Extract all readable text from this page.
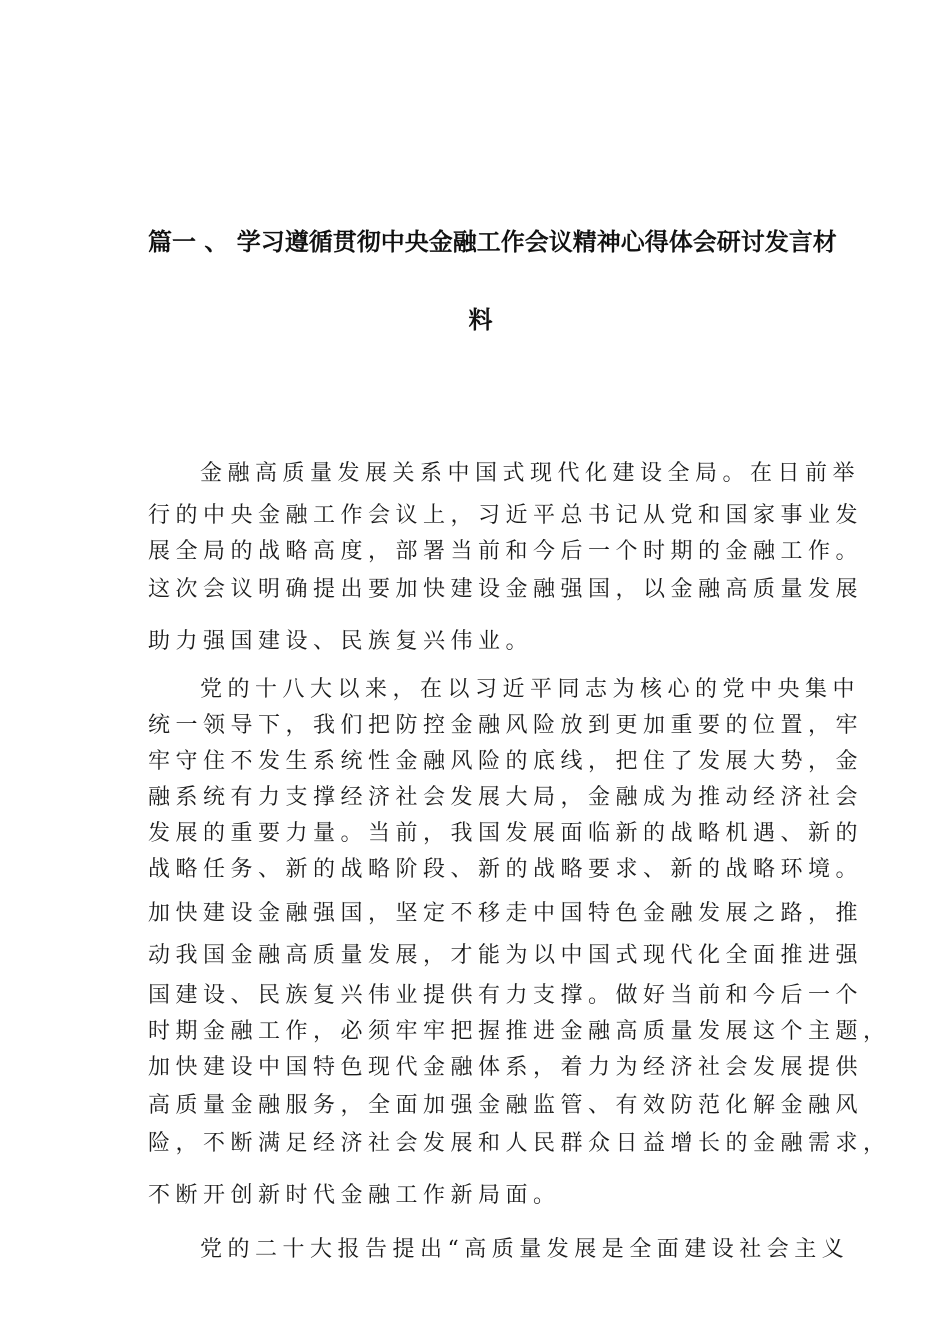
篇一 、 学习遵循贯彻中央金融工作会议精神心得体会研讨发言材
料
金融高质量发展关系中国式现代化建设全局。在日前举
行的中央金融工作会议上，习近平总书记从党和国家事业发
展全局的战略高度，部署当前和今后一个时期的金融工作。
这次会议明确提出要加快建设金融强国，以金融高质量发展
助力强国建设、民族复兴伟业。
党的十八大以来，在以习近平同志为核心的党中央集中
统一领导下，我们把防控金融风险放到更加重要的位置，牢
牢守住不发生系统性金融风险的底线，把住了发展大势，金
融系统有力支撑经济社会发展大局，金融成为推动经济社会
发展的重要力量。当前，我国发展面临新的战略机遇、新的
战略任务、新的战略阶段、新的战略要求、新的战略环境。
加快建设金融强国，坚定不移走中国特色金融发展之路，推
动我国金融高质量发展，才能为以中国式现代化全面推进强
国建设、民族复兴伟业提供有力支撑。做好当前和今后一个
时期金融工作，必须牢牢把握推进金融高质量发展这个主题，
加快建设中国特色现代金融体系，着力为经济社会发展提供
高质量金融服务，全面加强金融监管、有效防范化解金融风
险，不断满足经济社会发展和人民群众日益增长的金融需求，
不断开创新时代金融工作新局面。
党的二十大报告提出“高质量发展是全面建设社会主义
